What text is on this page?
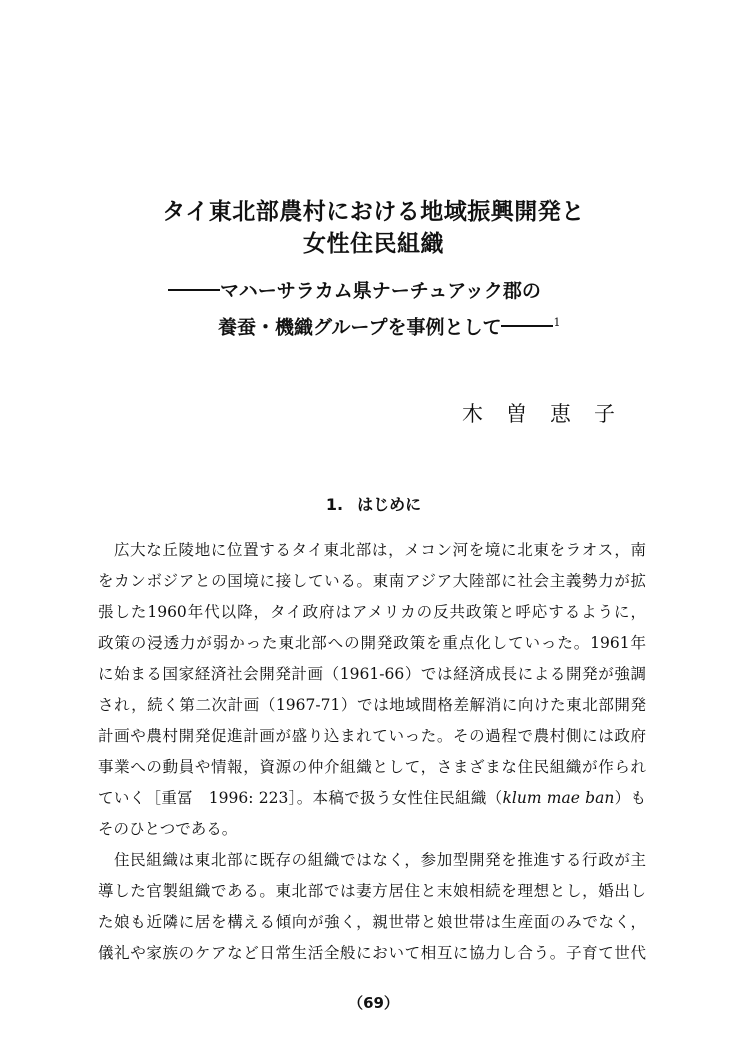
タイ東北部農村における地域振興開発と
女性住民組織
マハーサラカム県ナーチュアック郡の
養蚕・機織グループを事例として	$^1$
木曽恵子
1. はじめに
広大な丘陵地に位置するタイ東北部は，メコン河を境に北東をラオス，南
をカンボジアとの国境に接している。東南アジア大陸部に社会主義勢力が拡
張した1960年代以降，タイ政府はアメリカの反共政策と呼応するように，
政策の浸透力が弱かった東北部への開発政策を重点化していった。1961年
に始まる国家経済社会開発計画（1961-66）では経済成長による開発が強調
され，続く第二次計画（1967-71）では地域間格差解消に向けた東北部開発
計画や農村開発促進計画が盛り込まれていった。その過程で農村側には政府
事業への動員や情報，資源の仲介組織として，さまざまな住民組織が作られ
ていく［重冨　1996: 223］。本稿で扱う女性住民組織（klum mae ban）も
そのひとつである。
住民組織は東北部に既存の組織ではなく，参加型開発を推進する行政が主
導した官製組織である。東北部では妻方居住と末娘相続を理想とし，婚出し
た娘も近隣に居を構える傾向が強く，親世帯と娘世帯は生産面のみでなく，
儀礼や家族のケアなど日常生活全般において相互に協力し合う。子育て世代
（69）
